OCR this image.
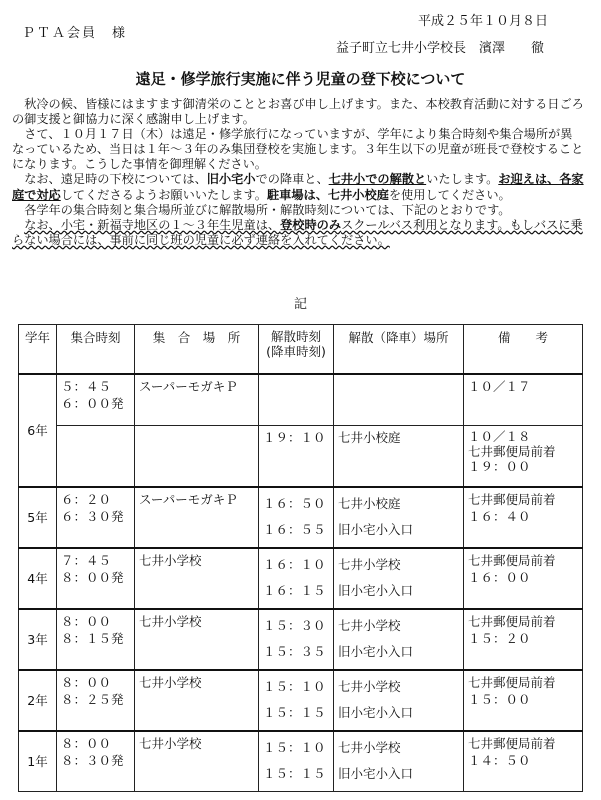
平成２５年１０月８日
ＰＴＡ会員　様
益子町立七井小学校長　濱澤　　徹
遠足・修学旅行実施に伴う児童の登下校について

秋冷の候、皆様にはますます御清栄のこととお喜び申し上げます。また、本校教育活動に対する日ごろの御支援と御協力に深く感謝申し上げます。

さて、１０月１７日（木）は遠足・修学旅行になっていますが、学年により集合時刻や集合場所が異なっているため、当日は１年〜３年のみ集団登校を実施します。３年生以下の児童が班長で登校することになります。こうした事情を御理解ください。

なお、遠足時の下校については、旧小宅小での降車と、七井小での解散といたします。お迎えは、各家庭で対応してくださるようお願いいたします。駐車場は、七井小校庭を使用してください。

各学年の集合時刻と集合場所並びに解散場所・解散時刻については、下記のとおりです。

なお、小宅・新福寺地区の１～３年生児童は、登校時のみスクールバス利用となります。もしバスに乗らない場合には、事前に同じ班の児童に必ず連絡を入れてください。

記
学年	集合時刻	集　合　場　所	解散時刻
(降車時刻)	解散（降車）場所	備　　考
6年	５：４５
６：００発	スーパーモガキＰ			１０／１７
			１９：１０	七井小校庭	１０／１８
七井郵便局前着
１９：００
5年	６：２０
６：３０発	スーパーモガキＰ	１６：５０
１６：５５	七井小校庭
旧小宅小入口	七井郵便局前着
１６：４０
4年	７：４５
８：００発	七井小学校	１６：１０
１６：１５	七井小学校
旧小宅小入口	七井郵便局前着
１６：００
3年	８：００
８：１５発	七井小学校	１５：３０
１５：３５	七井小学校
旧小宅小入口	七井郵便局前着
１５：２０
2年	８：００
８：２５発	七井小学校	１５：１０
１５：１５	七井小学校
旧小宅小入口	七井郵便局前着
１５：００
1年	８：００
８：３０発	七井小学校	１５：１０
１５：１５	七井小学校
旧小宅小入口	七井郵便局前着
１４：５０
